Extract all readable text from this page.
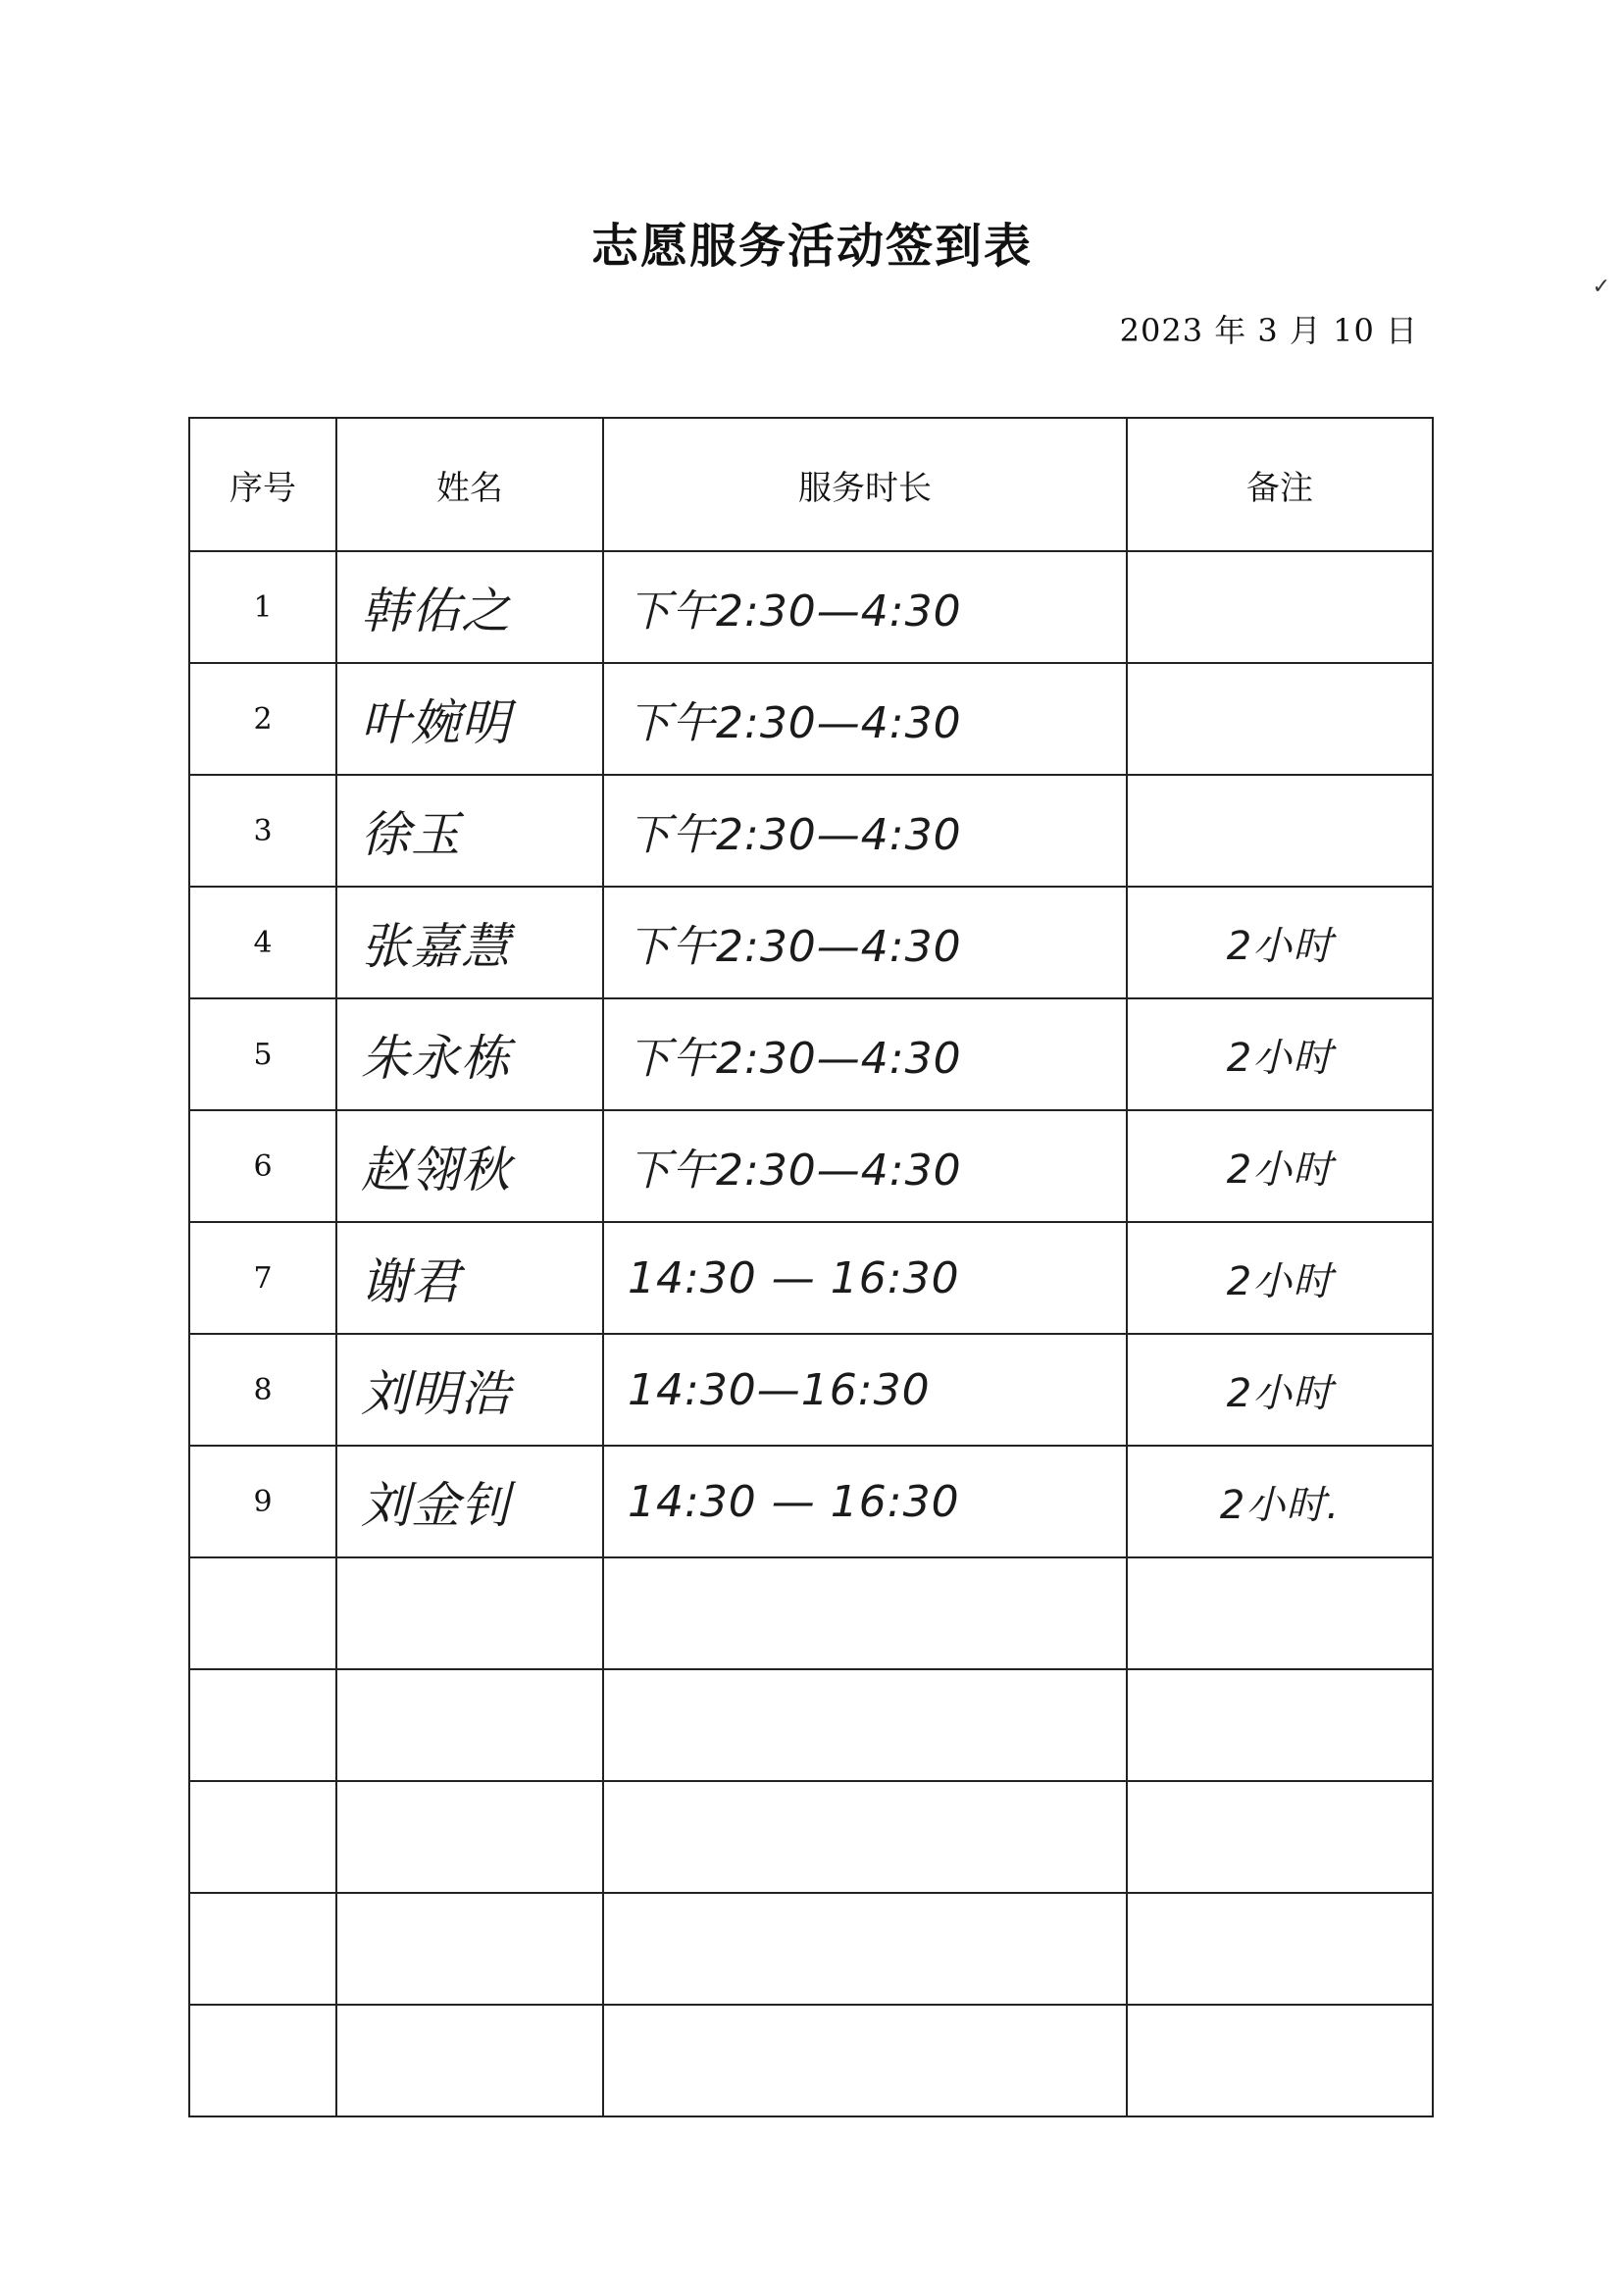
志愿服务活动签到表
2023 年 3 月 10 日
✓
序号	姓名	服务时长	备注
1	韩佑之	下午2:30—4:30	
2	叶婉明	下午2:30—4:30	
3	徐玉	下午2:30—4:30	
4	张嘉慧	下午2:30—4:30	2小时
5	朱永栋	下午2:30—4:30	2小时
6	赵翎秋	下午2:30—4:30	2小时
7	谢君	14:30 — 16:30	2小时
8	刘明浩	14:30—16:30	2小时
9	刘金钊	14:30 — 16:30	2小时.
